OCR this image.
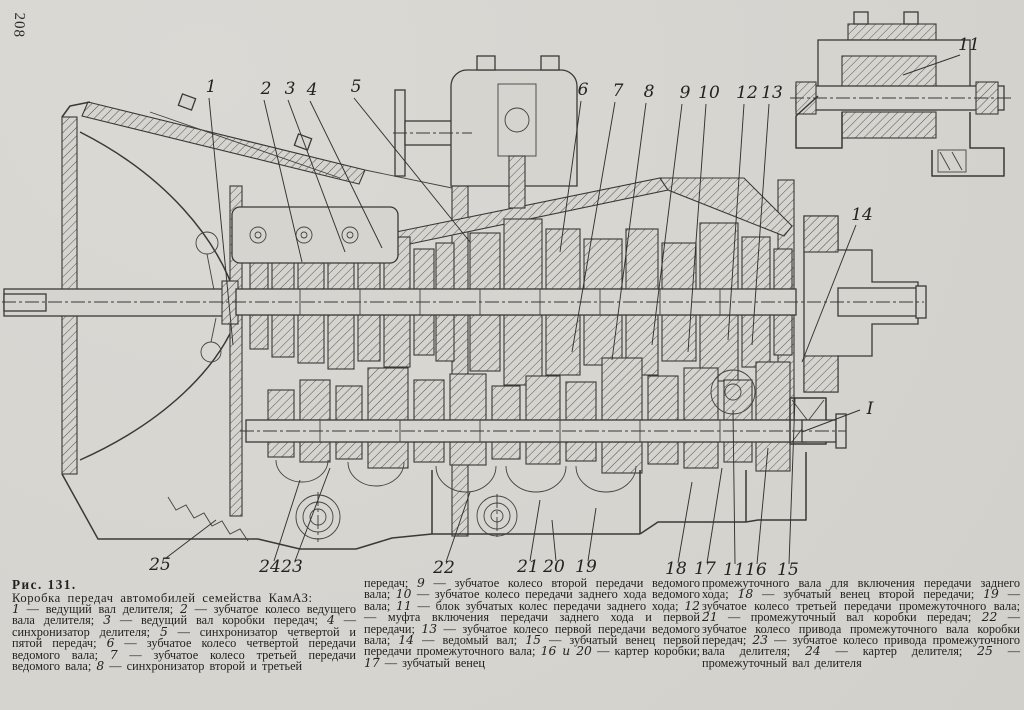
208
1	2 3 4 5	6 7 8 9 10 12 13
11
14
I
25	24 23	22	21 20 19	18 17 11 16 15
Рис. 131.
Коробка передач автомобилей семейства КамАЗ:
1 — ведущий вал делителя; 2 — зубчатое колесо ведущего вала делителя; 3 — ведущий вал коробки передач; 4 — синхронизатор делителя; 5 — синхронизатор четвертой и пятой передач; 6 — зубчатое колесо четвертой передачи ведомого вала; 7 — зубчатое колесо третьей передачи ведомого вала; 8 — синхронизатор второй и третьей
передач; 9 — зубчатое колесо второй передачи ведомого вала; 10 — зубчатое колесо передачи заднего хода ведомого вала; 11 — блок зубчатых колес передачи заднего хода; 12 — муфта включения передачи заднего хода и первой передачи; 13 — зубчатое колесо первой передачи ведомого вала; 14 — ведомый вал; 15 — зубчатый венец первой передачи промежуточного вала; 16 и 20 — картер коробки; 17 — зубчатый венец
промежуточного вала для включения передачи заднего хода; 18 — зубчатый венец второй передачи; 19 — зубчатое колесо третьей передачи промежуточного вала; 21 — промежуточный вал коробки передач; 22 — зубчатое колесо привода промежуточного вала коробки передач; 23 — зубчатое колесо привода промежуточного вала делителя; 24 — картер делителя; 25 — промежуточный вал делителя
